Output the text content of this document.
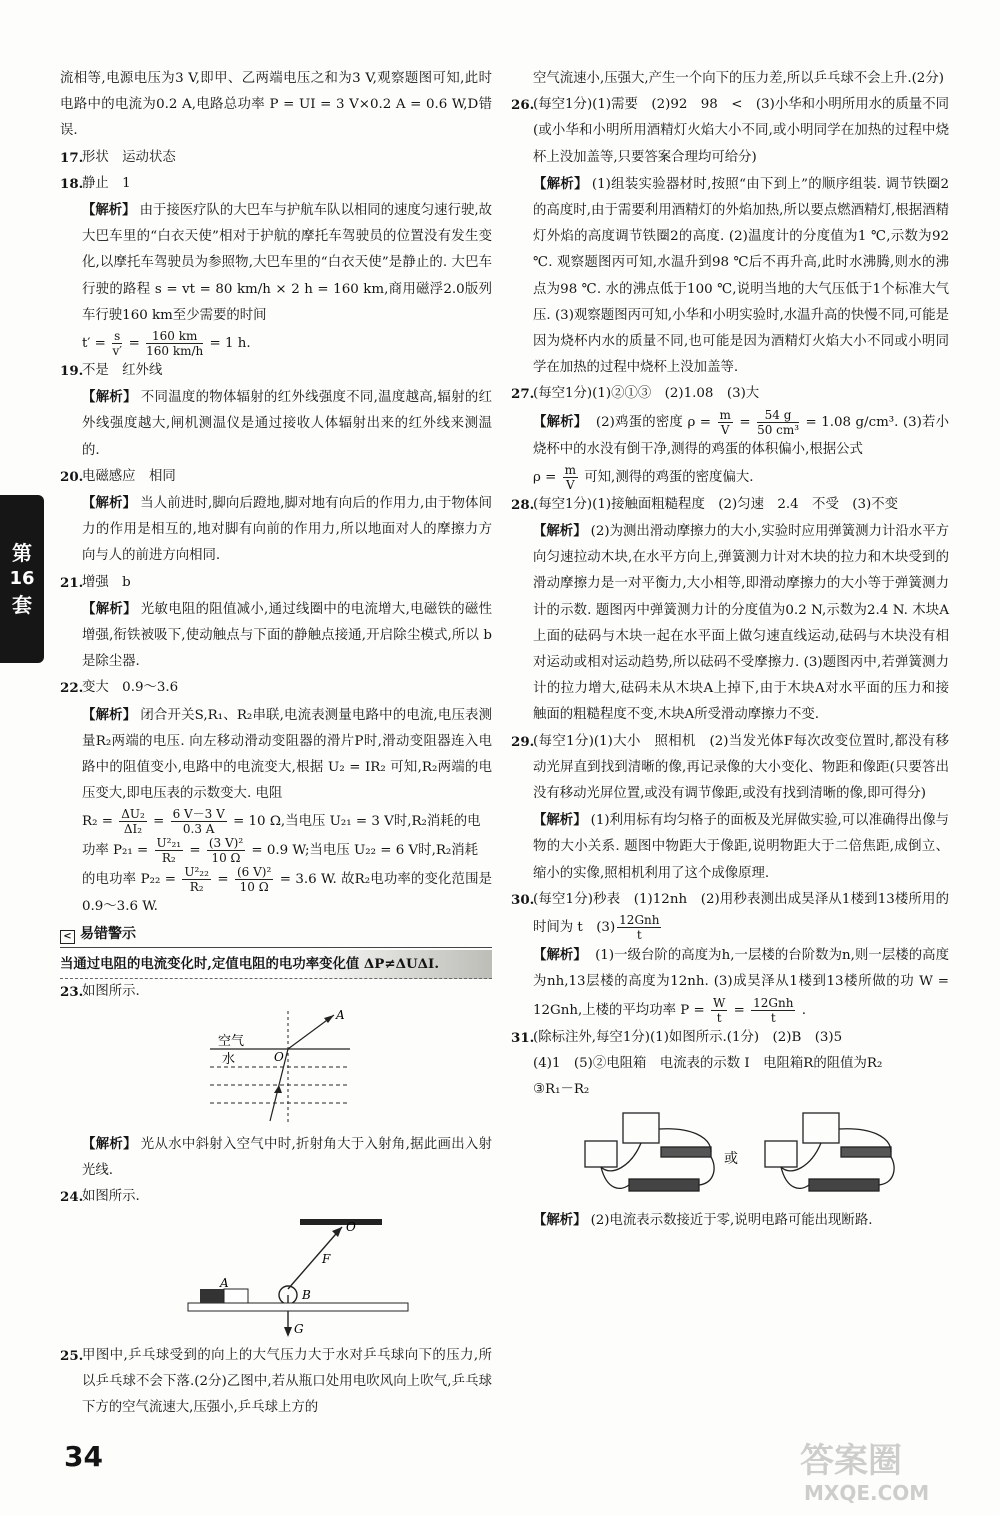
第
16
套

流相等,电源电压为3 V,即甲、乙两端电压之和为3 V,观察题图可知,此时电路中的电流为0.2 A,电路总功率 P = UI = 3 V×0.2 A = 0.6 W,D错误.

17.
形状　运动状态
18.
静止　1

【解析】 由于接医疗队的大巴车与护航车队以相同的速度匀速行驶,故大巴车里的“白衣天使”相对于护航的摩托车驾驶员的位置没有发生变化,以摩托车驾驶员为参照物,大巴车里的“白衣天使”是静止的. 大巴车行驶的路程 s = vt = 80 km/h × 2 h = 160 km,商用磁浮2.0版列车行驶160 km至少需要的时间

$t' = \frac{s}{v'} = \frac{160 km}{160 km/h} = 1$ h.

19.
不是　红外线

【解析】 不同温度的物体辐射的红外线强度不同,温度越高,辐射的红外线强度越大,闸机测温仪是通过接收人体辐射出来的红外线来测温的.

20.
电磁感应　相同

【解析】 当人前进时,脚向后蹬地,脚对地有向后的作用力,由于物体间力的作用是相互的,地对脚有向前的作用力,所以地面对人的摩擦力方向与人的前进方向相同.

21.
增强　b

【解析】 光敏电阻的阻值减小,通过线圈中的电流增大,电磁铁的磁性增强,衔铁被吸下,使动触点与下面的静触点接通,开启除尘模式,所以 b 是除尘器.

22.
变大　0.9～3.6

【解析】 闭合开关S,R₁、R₂串联,电流表测量电路中的电流,电压表测量R₂两端的电压. 向左移动滑动变阻器的滑片P时,滑动变阻器连入电路中的阻值变小,电路中的电流变大,根据 U₂ = IR₂ 可知,R₂两端的电压变大,即电压表的示数变大. 电阻

$R_2 = \frac{\text{ΔU₂}}{\text{ΔI₂}} = \frac{6 V-3 V}{0.3 A} = 10$ Ω,当电压 U₂₁ = 3 V时,R₂消耗的电

功率 $P_{21} = \frac{\text{U²₂₁}}{\text{R₂}} = \frac{\text{(3 V)²}}{10 \Omega} = 0.9$ W;当电压 U₂₂ = 6 V时,R₂消耗

的电功率 $P_{22} = \frac{\text{U²₂₂}}{\text{R₂}} = \frac{\text{(6 V)²}}{10 \Omega} = 3.6$ W. 故R₂电功率的变化范围是0.9～3.6 W.

< 易错警示
当通过电阻的电流变化时,定值电阻的电功率变化值 ΔP≠ΔUΔI.
23.
如图所示.
空气
水
A
O

【解析】 光从水中斜射入空气中时,折射角大于入射角,据此画出入射光线.

24.
如图所示.
O
F
A
B
G
25.
甲图中,乒乓球受到的向上的大气压力大于水对乒乓球向下的压力,所以乒乓球不会下落.(2分)乙图中,若从瓶口处用电吹风向上吹气,乒乓球下方的空气流速大,压强小,乒乓球上方的

空气流速小,压强大,产生一个向下的压力差,所以乒乓球不会上升.(2分)

26.
(每空1分)(1)需要　(2)92　98　<　(3)小华和小明所用水的质量不同(或小华和小明所用酒精灯火焰大小不同,或小明同学在加热的过程中烧杯上没加盖等,只要答案合理均可给分)

【解析】 (1)组装实验器材时,按照“由下到上”的顺序组装. 调节铁圈2的高度时,由于需要利用酒精灯的外焰加热,所以要点燃酒精灯,根据酒精灯外焰的高度调节铁圈2的高度. (2)温度计的分度值为1 ℃,示数为92 ℃. 观察题图丙可知,水温升到98 ℃后不再升高,此时水沸腾,则水的沸点为98 ℃. 水的沸点低于100 ℃,说明当地的大气压低于1个标准大气压. (3)观察题图丙可知,小华和小明实验时,水温升高的快慢不同,可能是因为烧杯内水的质量不同,也可能是因为酒精灯火焰大小不同或小明同学在加热的过程中烧杯上没加盖等.

27.
(每空1分)(1)②①③　(2)1.08　(3)大

【解析】 (2)鸡蛋的密度 $\rho = \frac{m}{V} = \frac{54 g}{\text{50 cm³}} = 1.08$ g/cm³. (3)若小烧杯中的水没有倒干净,测得的鸡蛋的体积偏小,根据公式

$\rho = \frac{m}{V}$ 可知,测得的鸡蛋的密度偏大.

28.
(每空1分)(1)接触面粗糙程度　(2)匀速　2.4　不受　(3)不变

【解析】 (2)为测出滑动摩擦力的大小,实验时应用弹簧测力计沿水平方向匀速拉动木块,在水平方向上,弹簧测力计对木块的拉力和木块受到的滑动摩擦力是一对平衡力,大小相等,即滑动摩擦力的大小等于弹簧测力计的示数. 题图丙中弹簧测力计的分度值为0.2 N,示数为2.4 N. 木块A上面的砝码与木块一起在水平面上做匀速直线运动,砝码与木块没有相对运动或相对运动趋势,所以砝码不受摩擦力. (3)题图丙中,若弹簧测力计的拉力增大,砝码未从木块A上掉下,由于木块A对水平面的压力和接触面的粗糙程度不变,木块A所受滑动摩擦力不变.

29.
(每空1分)(1)大小　照相机　(2)当发光体F每次改变位置时,都没有移动光屏直到找到清晰的像,再记录像的大小变化、物距和像距(只要答出没有移动光屏位置,或没有调节像距,或没有找到清晰的像,即可得分)

【解析】 (1)利用标有均匀格子的面板及光屏做实验,可以准确得出像与物的大小关系. 题图中物距大于像距,说明物距大于二倍焦距,成倒立、缩小的实像,照相机利用了这个成像原理.

30.
(每空1分)秒表　(1)12nh　(2)用秒表测出成昊泽从1楼到13楼所用的时间为 t　$(3) \frac{\text{12Gnh}}{t}$

【解析】 (1)一级台阶的高度为h,一层楼的台阶数为n,则一层楼的高度为nh,13层楼的高度为12nh. (3)成昊泽从1楼到13楼所做的功 W = 12Gnh,上楼的平均功率 $P = \frac{W}{t} = \frac{\text{12Gnh}}{t}$ .

31.
(除标注外,每空1分)(1)如图所示.(1分)　(2)B　(3)5

(4)1　(5)②电阻箱　电流表的示数 I　电阻箱R的阻值为R₂

③R₁－R₂

或

【解析】 (2)电流表示数接近于零,说明电路可能出现断路.

34	答案圈
MXQE.COM
